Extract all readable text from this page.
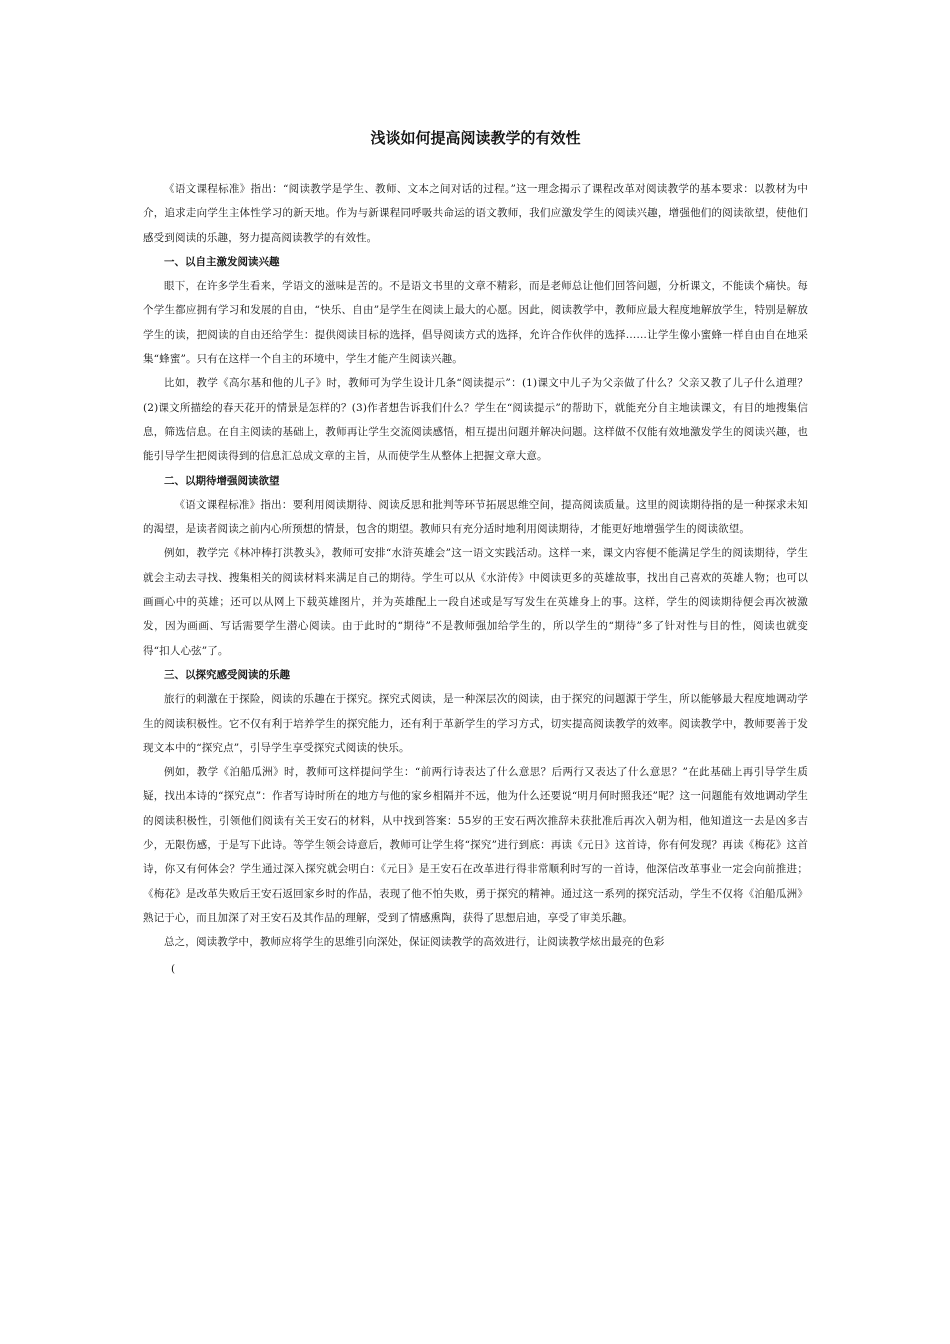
浅谈如何提高阅读教学的有效性

《语文课程标准》指出：“阅读教学是学生、教师、文本之间对话的过程。”这一理念揭示了课程改革对阅读教学的基本要求：以教材为中介，追求走向学生主体性学习的新天地。作为与新课程同呼吸共命运的语文教师，我们应激发学生的阅读兴趣，增强他们的阅读欲望，使他们感受到阅读的乐趣，努力提高阅读教学的有效性。

一、以自主激发阅读兴趣

眼下，在许多学生看来，学语文的滋味是苦的。不是语文书里的文章不精彩，而是老师总让他们回答问题，分析课文，不能读个痛快。每个学生都应拥有学习和发展的自由，“快乐、自由”是学生在阅读上最大的心愿。因此，阅读教学中，教师应最大程度地解放学生，特别是解放学生的读，把阅读的自由还给学生：提供阅读目标的选择，倡导阅读方式的选择，允许合作伙伴的选择……让学生像小蜜蜂一样自由自在地采集“蜂蜜”。只有在这样一个自主的环境中，学生才能产生阅读兴趣。

比如，教学《高尔基和他的儿子》时，教师可为学生设计几条“阅读提示”：(1)课文中儿子为父亲做了什么？父亲又教了儿子什么道理？(2)课文所描绘的春天花开的情景是怎样的？(3)作者想告诉我们什么？学生在“阅读提示”的帮助下，就能充分自主地读课文，有目的地搜集信息，筛选信息。在自主阅读的基础上，教师再让学生交流阅读感悟，相互提出问题并解决问题。这样做不仅能有效地激发学生的阅读兴趣，也能引导学生把阅读得到的信息汇总成文章的主旨，从而使学生从整体上把握文章大意。

二、以期待增强阅读欲望

《语文课程标准》指出：要利用阅读期待、阅读反思和批判等环节拓展思维空间，提高阅读质量。这里的阅读期待指的是一种探求未知的渴望，是读者阅读之前内心所预想的情景，包含的期望。教师只有充分适时地利用阅读期待，才能更好地增强学生的阅读欲望。

例如，教学完《林冲棒打洪教头》，教师可安排“水浒英雄会”这一语文实践活动。这样一来，课文内容便不能满足学生的阅读期待，学生就会主动去寻找、搜集相关的阅读材料来满足自己的期待。学生可以从《水浒传》中阅读更多的英雄故事，找出自己喜欢的英雄人物；也可以画画心中的英雄；还可以从网上下载英雄图片，并为英雄配上一段自述或是写写发生在英雄身上的事。这样，学生的阅读期待便会再次被激发，因为画画、写话需要学生潜心阅读。由于此时的“期待”不是教师强加给学生的，所以学生的“期待”多了针对性与目的性，阅读也就变得“扣人心弦”了。

三、以探究感受阅读的乐趣

旅行的刺激在于探险，阅读的乐趣在于探究。探究式阅读，是一种深层次的阅读，由于探究的问题源于学生，所以能够最大程度地调动学生的阅读积极性。它不仅有利于培养学生的探究能力，还有利于革新学生的学习方式，切实提高阅读教学的效率。阅读教学中，教师要善于发现文本中的“探究点”，引导学生享受探究式阅读的快乐。

例如，教学《泊船瓜洲》时，教师可这样提问学生：“前两行诗表达了什么意思？后两行又表达了什么意思？”在此基础上再引导学生质疑，找出本诗的“探究点”：作者写诗时所在的地方与他的家乡相隔并不远，他为什么还要说“明月何时照我还”呢？这一问题能有效地调动学生的阅读积极性，引领他们阅读有关王安石的材料，从中找到答案：55岁的王安石两次推辞未获批准后再次入朝为相，他知道这一去是凶多吉少，无限伤感，于是写下此诗。等学生领会诗意后，教师可让学生将“探究”进行到底：再读《元日》这首诗，你有何发现？再读《梅花》这首诗，你又有何体会？学生通过深入探究就会明白：《元日》是王安石在改革进行得非常顺利时写的一首诗，他深信改革事业一定会向前推进；《梅花》是改革失败后王安石返回家乡时的作品，表现了他不怕失败，勇于探究的精神。通过这一系列的探究活动，学生不仅将《泊船瓜洲》熟记于心，而且加深了对王安石及其作品的理解，受到了情感熏陶，获得了思想启迪，享受了审美乐趣。

总之，阅读教学中，教师应将学生的思维引向深处，保证阅读教学的高效进行，让阅读教学炫出最亮的色彩

(
